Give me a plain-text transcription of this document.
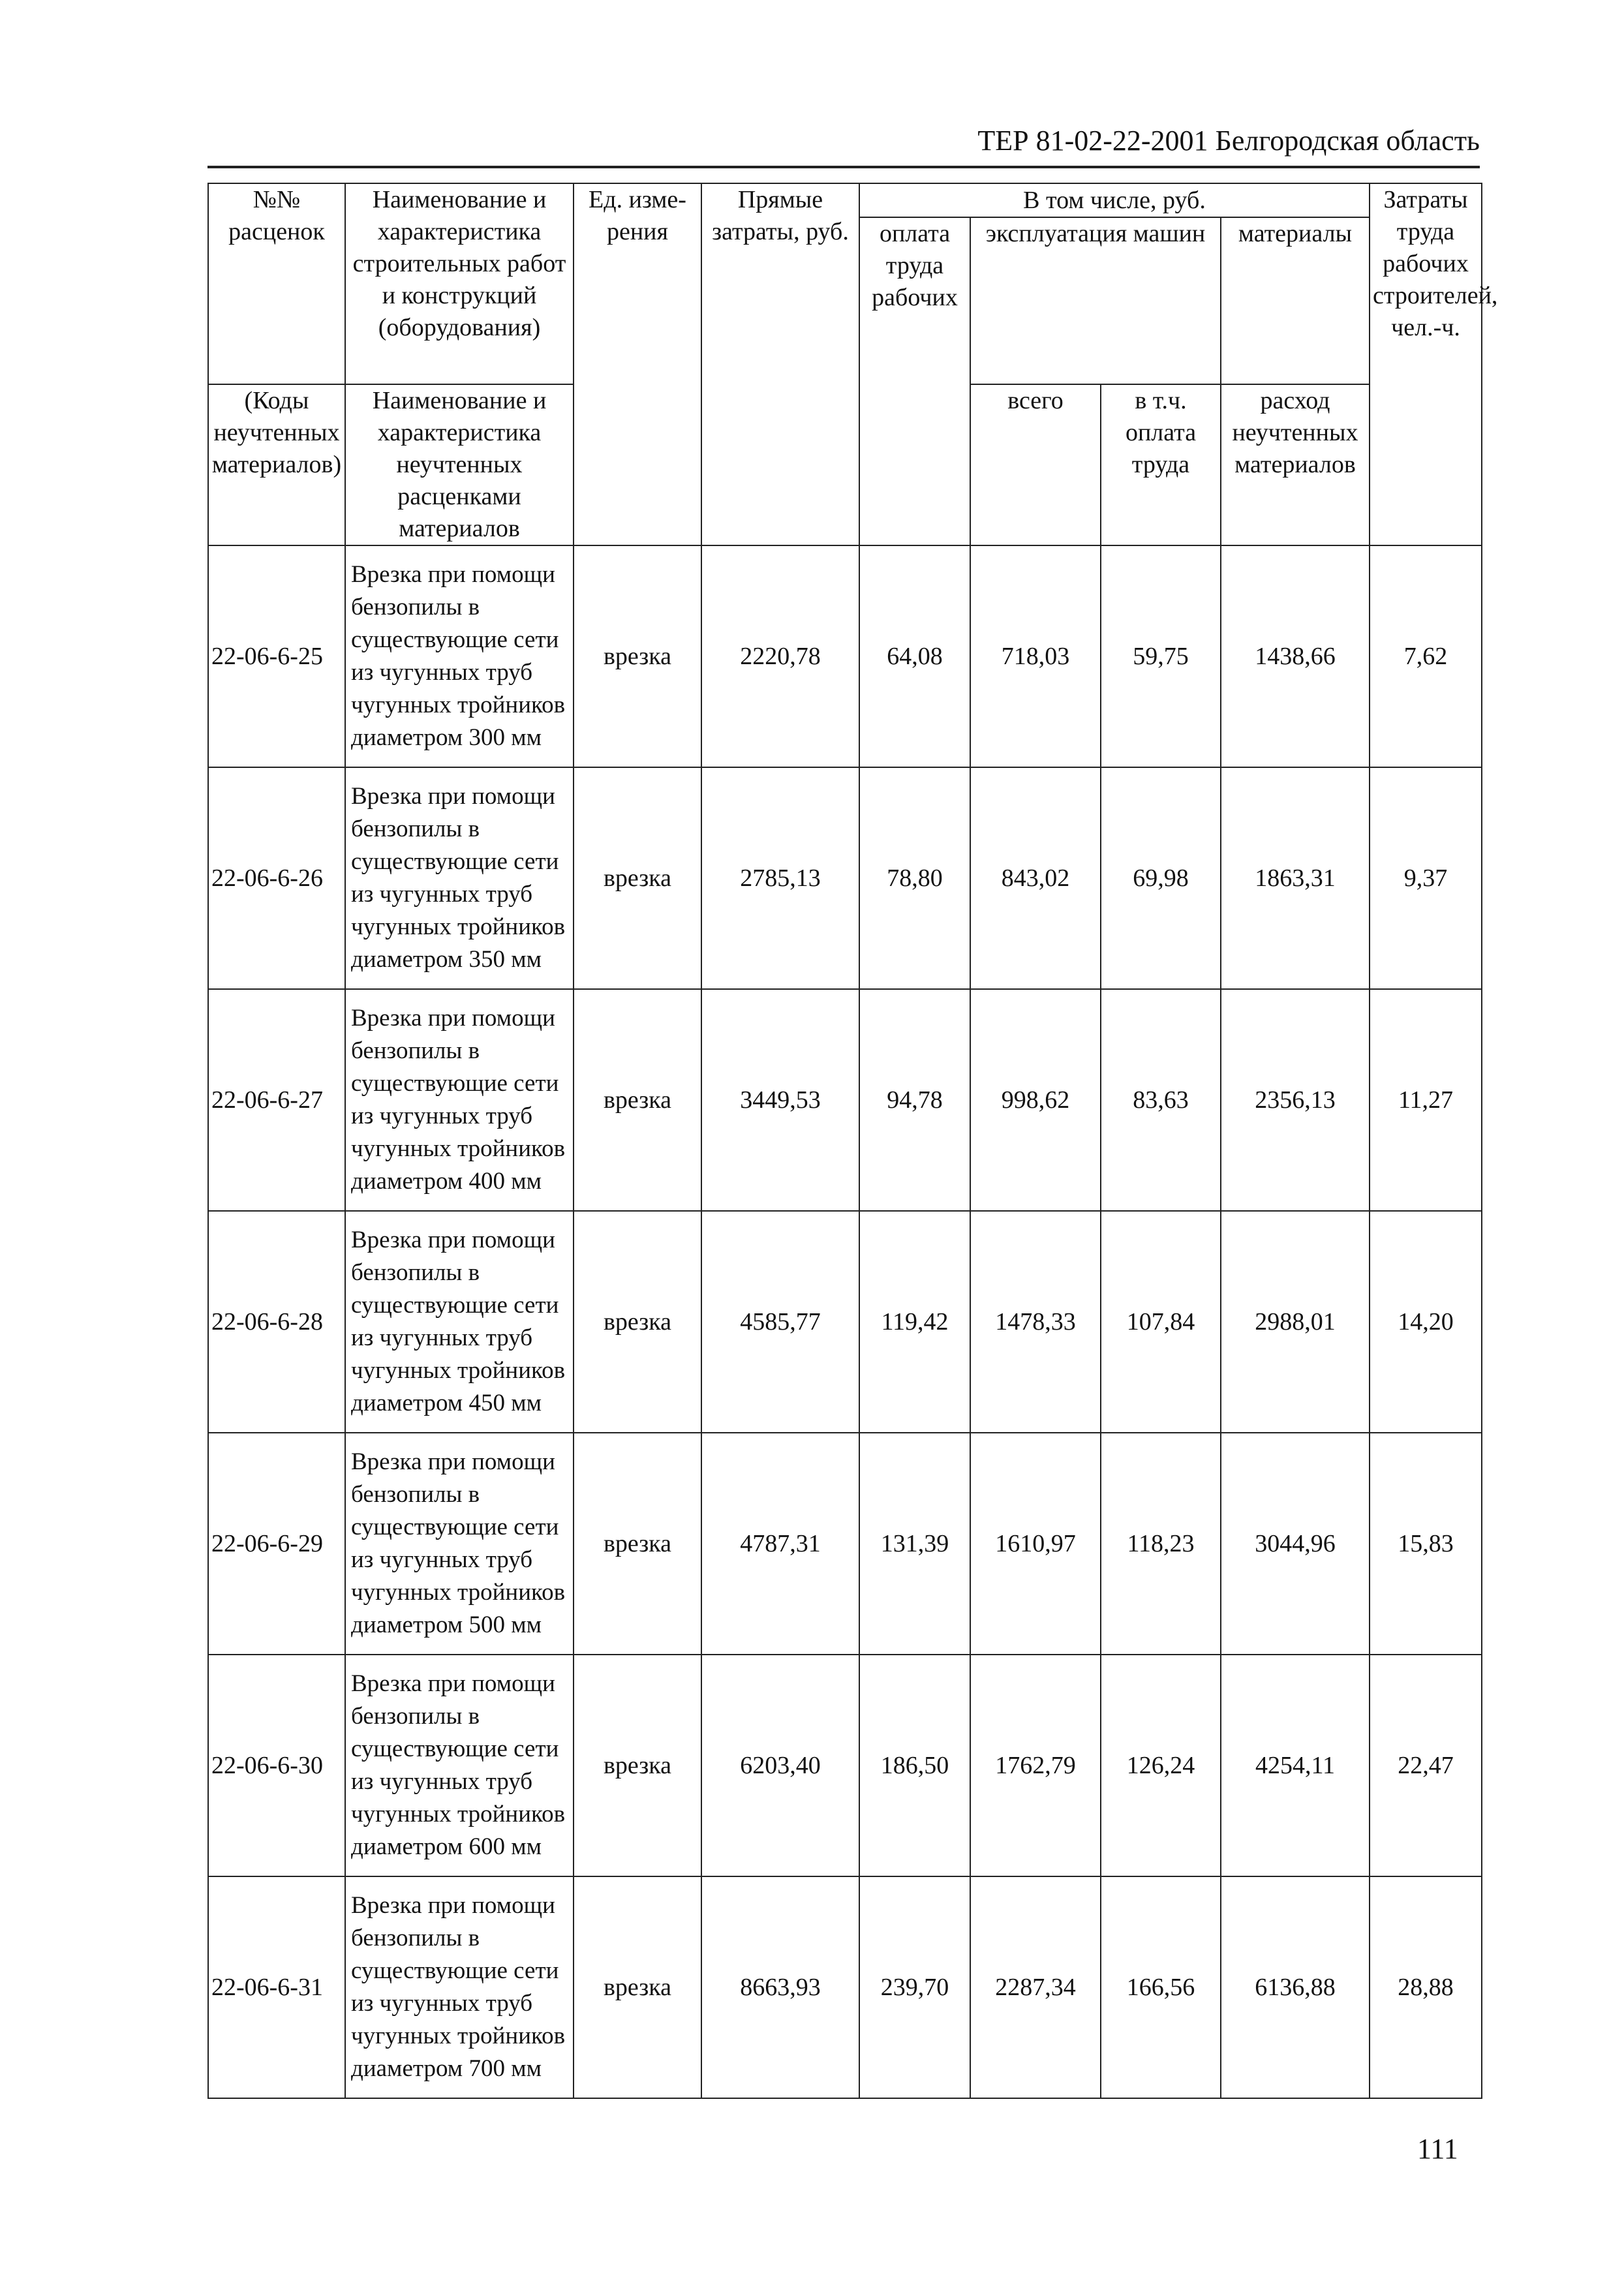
ТЕР 81-02-22-2001 Белгородская область
№№ расценок	Наименование и характеристика строительных работ и конструкций (оборудования)	Ед. изме-рения	Прямые затраты, руб.	В том числе, руб.				Затраты труда рабочих строителей, чел.-ч.
				оплата труда рабочих	эксплуатация машин		материалы	
(Коды неучтенных материалов)	Наименование и характеристика неучтенных расценками материалов				всего	в т.ч. оплата труда	расход неучтенных материалов	
22-06-6-25	Врезка при помощи бензопилы в существующие сети из чугунных труб чугунных тройников диаметром 300 мм	врезка	2220,78	64,08	718,03	59,75	1438,66	7,62
22-06-6-26	Врезка при помощи бензопилы в существующие сети из чугунных труб чугунных тройников диаметром 350 мм	врезка	2785,13	78,80	843,02	69,98	1863,31	9,37
22-06-6-27	Врезка при помощи бензопилы в существующие сети из чугунных труб чугунных тройников диаметром 400 мм	врезка	3449,53	94,78	998,62	83,63	2356,13	11,27
22-06-6-28	Врезка при помощи бензопилы в существующие сети из чугунных труб чугунных тройников диаметром 450 мм	врезка	4585,77	119,42	1478,33	107,84	2988,01	14,20
22-06-6-29	Врезка при помощи бензопилы в существующие сети из чугунных труб чугунных тройников диаметром 500 мм	врезка	4787,31	131,39	1610,97	118,23	3044,96	15,83
22-06-6-30	Врезка при помощи бензопилы в существующие сети из чугунных труб чугунных тройников диаметром 600 мм	врезка	6203,40	186,50	1762,79	126,24	4254,11	22,47
22-06-6-31	Врезка при помощи бензопилы в существующие сети из чугунных труб чугунных тройников диаметром 700 мм	врезка	8663,93	239,70	2287,34	166,56	6136,88	28,88
111
